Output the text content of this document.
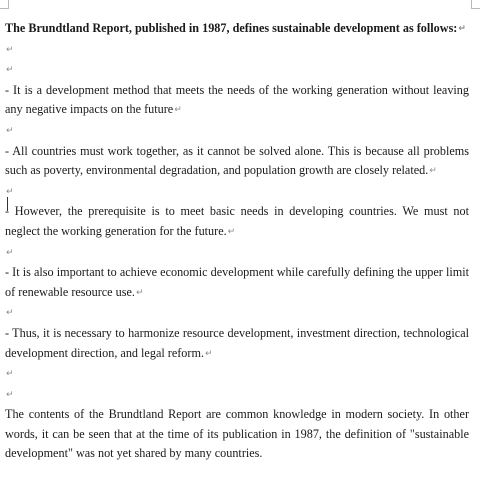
The Brundtland Report, published in 1987, defines sustainable development as follows:↵

↵

↵

- It is a development method that meets the needs of the working generation without leaving any negative impacts on the future↵

↵

- All countries must work together, as it cannot be solved alone. This is because all problems such as poverty, environmental degradation, and population growth are closely related.↵

↵

- However, the prerequisite is to meet basic needs in developing countries. We must not neglect the working generation for the future.↵

↵

- It is also important to achieve economic development while carefully defining the upper limit of renewable resource use.↵

↵

- Thus, it is necessary to harmonize resource development, investment direction, technological development direction, and legal reform.↵

↵

↵

The contents of the Brundtland Report are common knowledge in modern society. In other words, it can be seen that at the time of its publication in 1987, the definition of "sustainable development" was not yet shared by many countries.
